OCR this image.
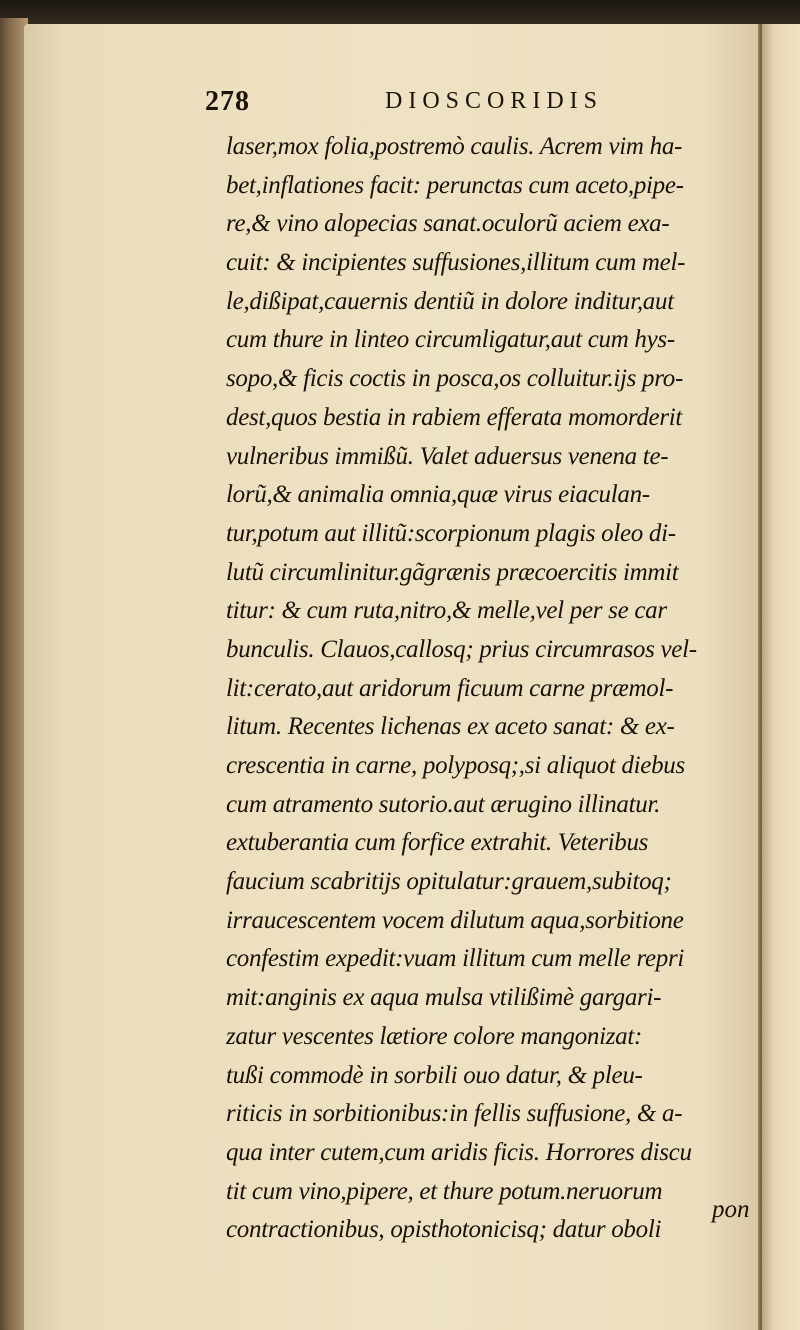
278	DIOSCORIDIS
laser,mox folia,postremò caulis. Acrem vim ha-
bet,inflationes facit: perunctas cum aceto,pipe-
re,& vino alopecias sanat.oculorũ aciem exa-
cuit: & incipientes suffusiones,illitum cum mel-
le,dißipat,cauernis dentiũ in dolore inditur,aut
cum thure in linteo circumligatur,aut cum hys-
sopo,& ficis coctis in posca,os colluitur.ijs pro-
dest,quos bestia in rabiem efferata momorderit
vulneribus immißũ. Valet aduersus venena te-
lorũ,& animalia omnia,quæ virus eiaculan-
tur,potum aut illitũ:scorpionum plagis oleo di-
lutũ circumlinitur.gãgrænis præcoercitis immit
titur: & cum ruta,nitro,& melle,vel per se car
bunculis. Clauos,callosq; prius circumrasos vel-
lit:cerato,aut aridorum ficuum carne præmol-
litum. Recentes lichenas ex aceto sanat: & ex-
crescentia in carne, polyposq;,si aliquot diebus
cum atramento sutorio.aut ærugino illinatur.
extuberantia cum forfice extrahit. Veteribus
faucium scabritijs opitulatur:grauem,subitoq;
irraucescentem vocem dilutum aqua,sorbitione
confestim expedit:vuam illitum cum melle repri
mit:anginis ex aqua mulsa vtilißimè gargari-
zatur vescentes lætiore colore mangonizat:
tußi commodè in sorbili ouo datur, & pleu-
riticis in sorbitionibus:in fellis suffusione, & a-
qua inter cutem,cum aridis ficis. Horrores discu
tit cum vino,pipere, et thure potum.neruorum
contractionibus, opisthotonicisq; datur oboli
pon
